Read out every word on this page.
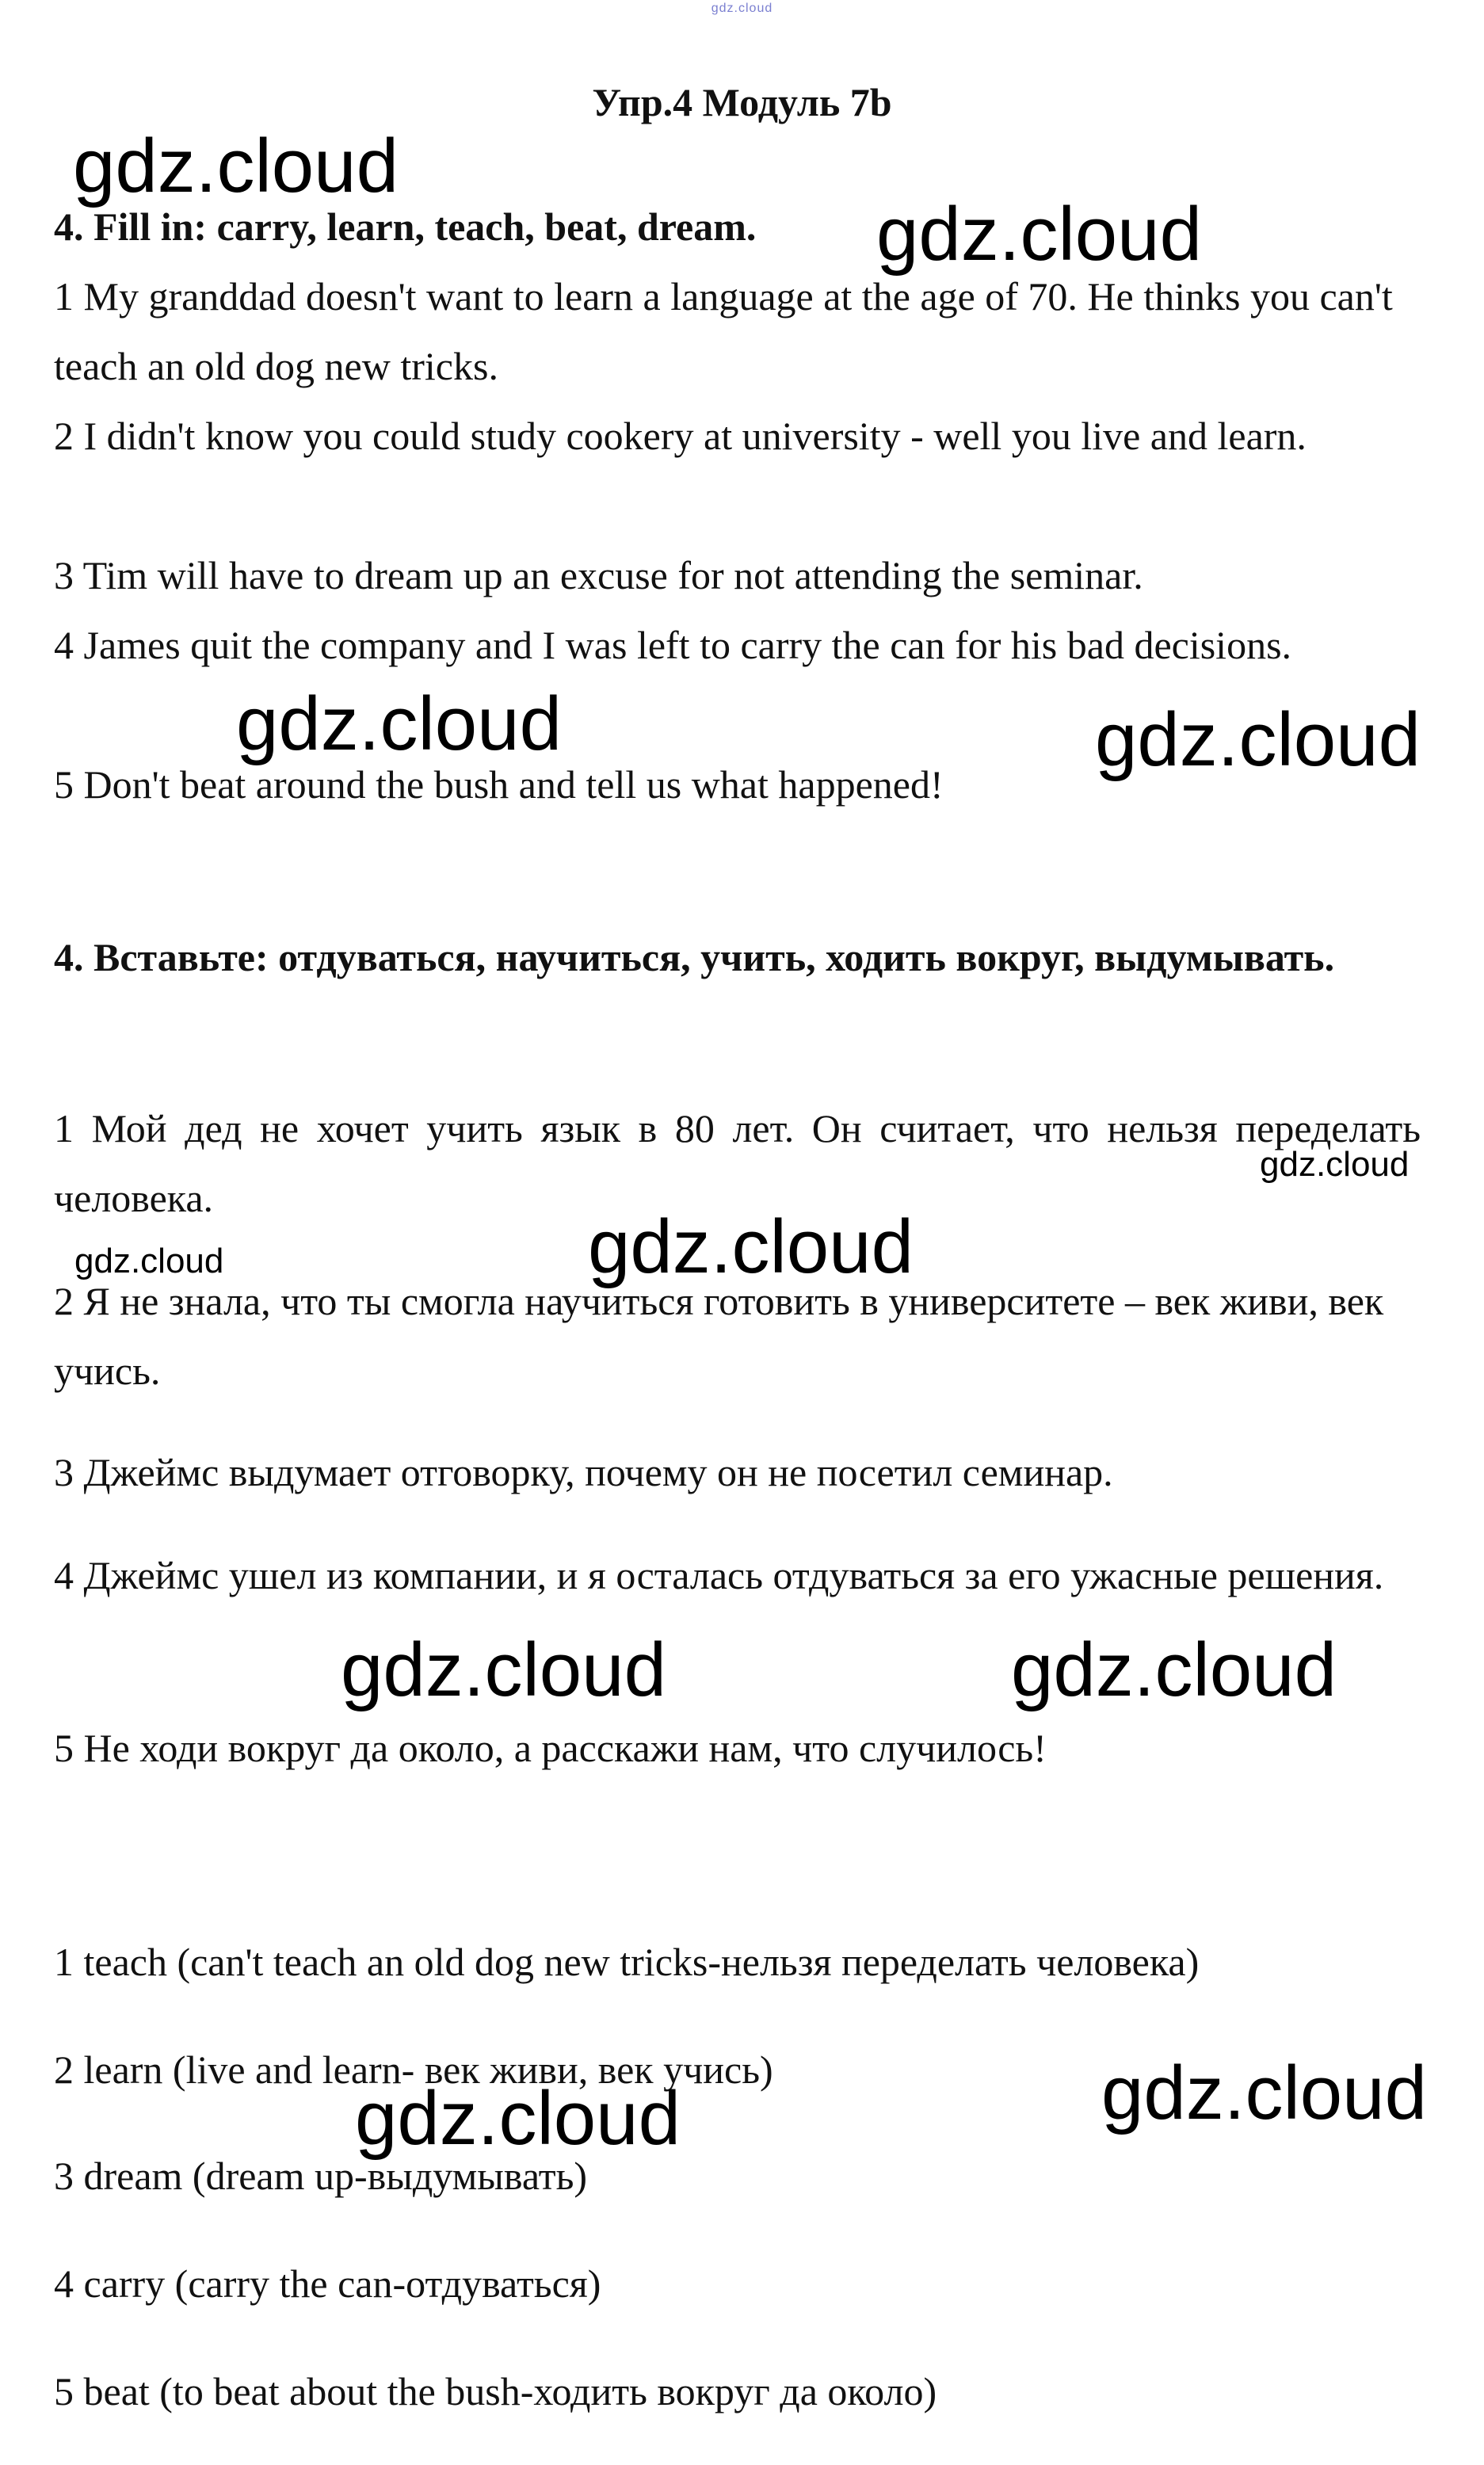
gdz.cloud
Упр.4 Модуль 7b

4. Fill in: carry, learn, teach, beat, dream.

1 My granddad doesn't want to learn a language at the age of 70. He thinks you can't teach an old dog new tricks.

2 I didn't know you could study cookery at university - well you live and learn.

3 Tim will have to dream up an excuse for not attending the seminar.

4 James quit the company and I was left to carry the can for his bad decisions.

5 Don't beat around the bush and tell us what happened!

4. Вставьте: отдуваться, научиться, учить, ходить вокруг, выдумывать.

1 Мой дед не хочет учить язык в 80 лет. Он считает, что нельзя переделать человека.

2 Я не знала, что ты смогла научиться готовить в университете – век живи, век учись.

3 Джеймс выдумает отговорку, почему он не посетил семинар.

4 Джеймс ушел из компании, и я осталась отдуваться за его ужасные решения.

5 Не ходи вокруг да около, а расскажи нам, что случилось!

1 teach (can't teach an old dog new tricks-нельзя переделать человека)

2 learn (live and learn- век живи, век учись)

3 dream (dream up-выдумывать)

4 carry (carry the can-отдуваться)

5 beat (to beat about the bush-ходить вокруг да около)

gdz.cloud
gdz.cloud
gdz.cloud	gdz.cloud
gdz.cloud
gdz.cloud
gdz.cloud
gdz.cloud	gdz.cloud
gdz.cloud
gdz.cloud
